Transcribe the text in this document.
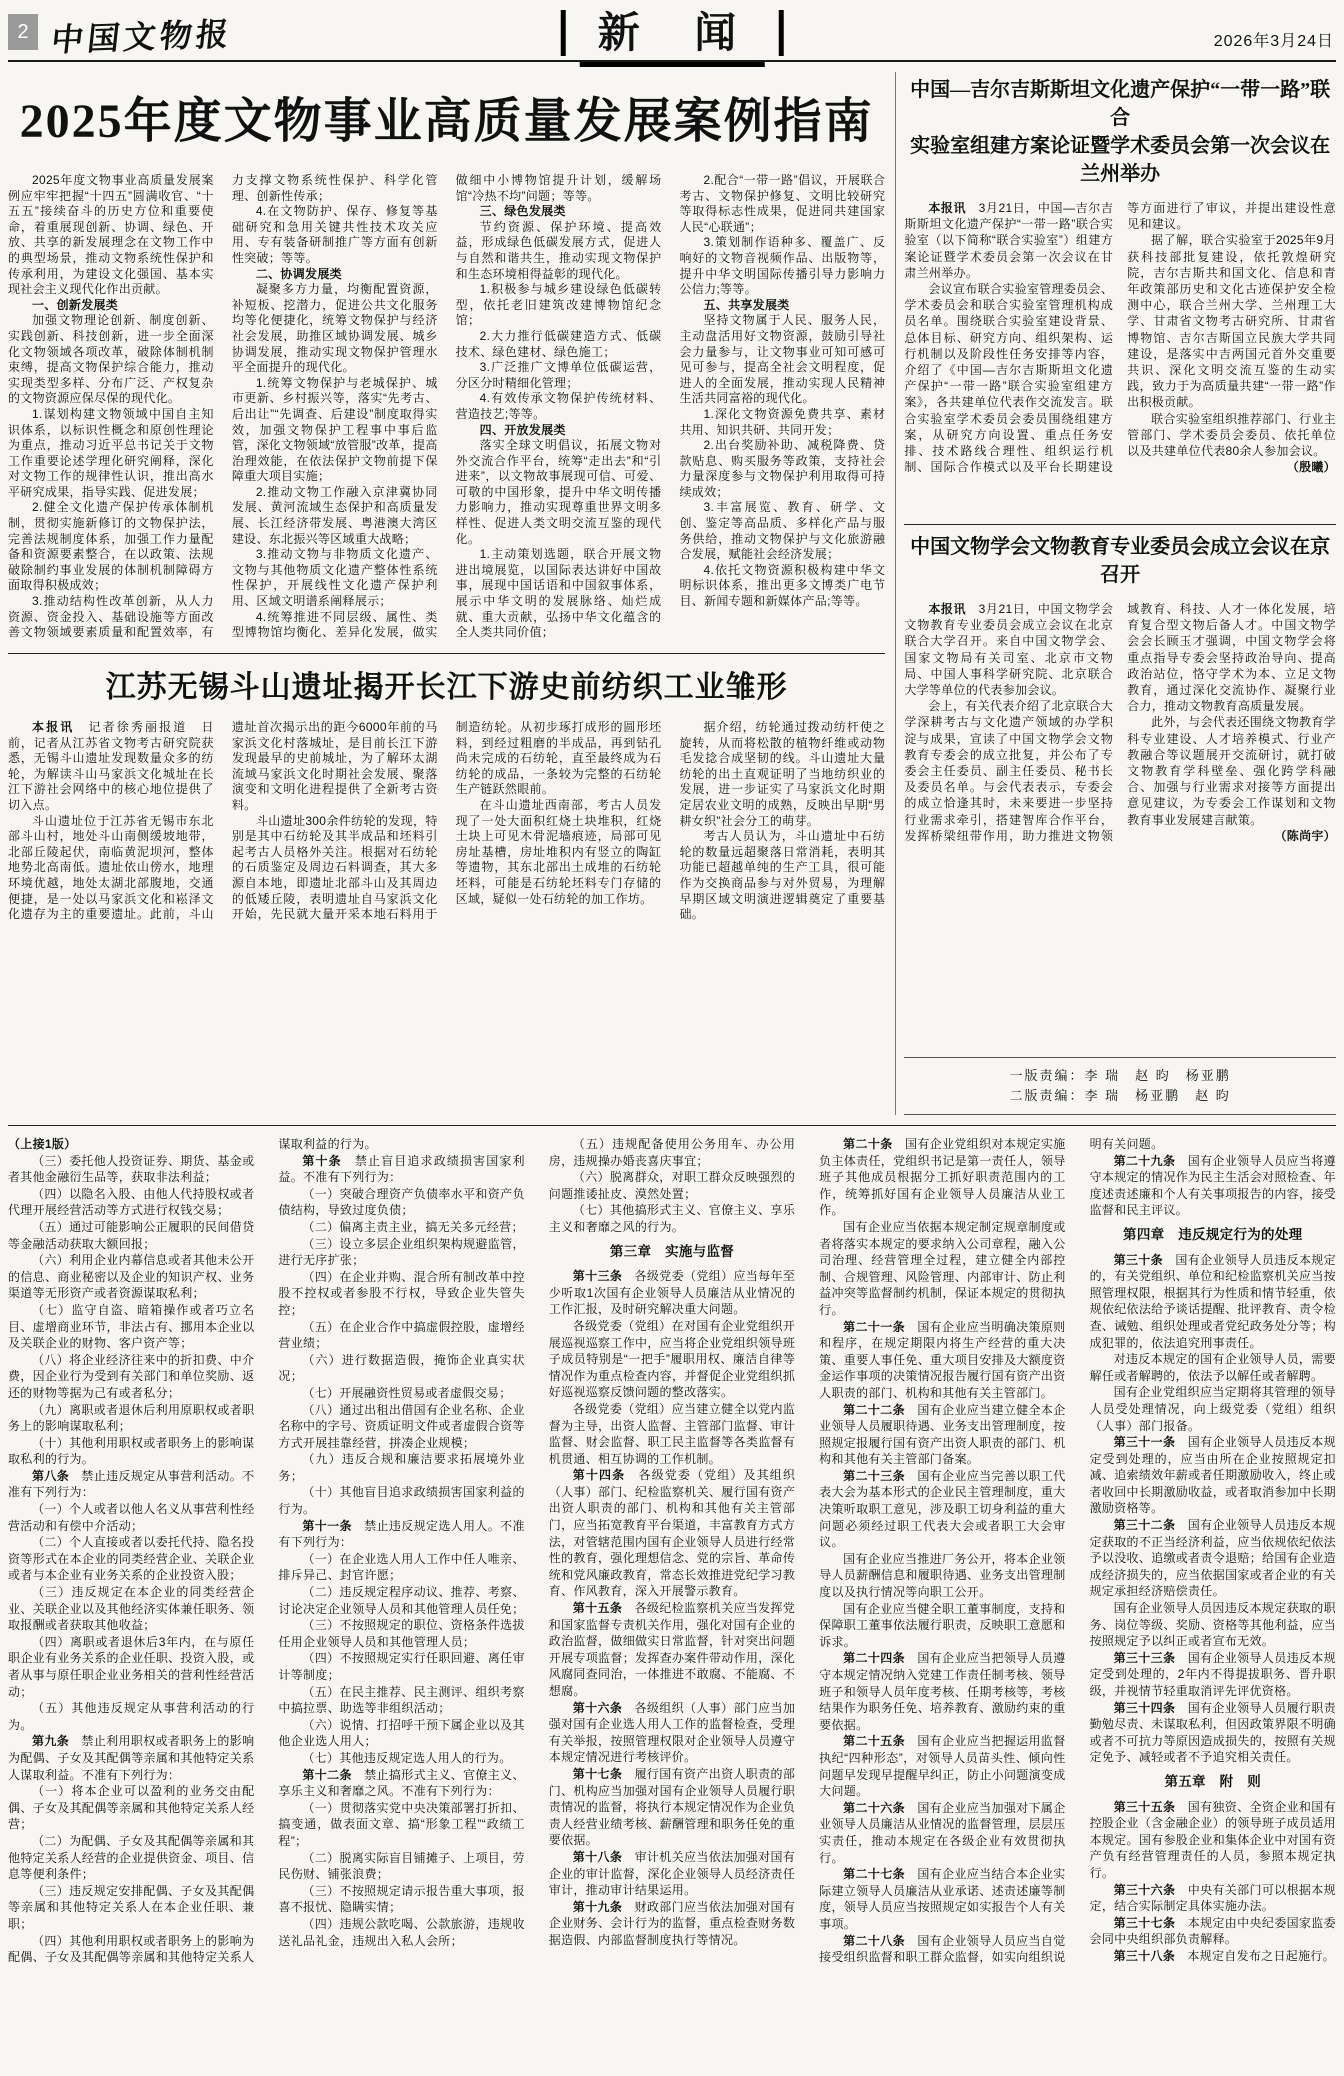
2 中国文物报	新 闻	2026年3月24日
2025年度文物事业高质量发展案例指南

2025年度文物事业高质量发展案例应牢牢把握“十四五”圆满收官、“十五五”接续奋斗的历史方位和重要使命，着重展现创新、协调、绿色、开放、共享的新发展理念在文物工作中的典型场景，推动文物系统性保护和传承利用，为建设文化强国、基本实现社会主义现代化作出贡献。

一、创新发展类

加强文物理论创新、制度创新、实践创新、科技创新，进一步全面深化文物领域各项改革，破除体制机制束缚，提高文物保护综合能力，推动实现类型多样、分布广泛、产权复杂的文物资源应保尽保的现代化。

1.谋划构建文物领域中国自主知识体系，以标识性概念和原创性理论为重点，推动习近平总书记关于文物工作重要论述学理化研究阐释，深化对文物工作的规律性认识，推出高水平研究成果，指导实践、促进发展；

2.健全文化遗产保护传承体制机制，贯彻实施新修订的文物保护法，完善法规制度体系，加强工作力量配备和资源要素整合，在以政策、法规破除制约事业发展的体制机制障碍方面取得积极成效；

3.推动结构性改革创新，从人力资源、资金投入、基础设施等方面改善文物领域要素质量和配置效率，有力支撑文物系统性保护、科学化管理、创新性传承；

4.在文物防护、保存、修复等基础研究和急用关键共性技术攻关应用、专有装备研制推广等方面有创新性突破；等等。

二、协调发展类

凝聚多方力量，均衡配置资源，补短板、挖潜力，促进公共文化服务均等化便捷化，统筹文物保护与经济社会发展，助推区域协调发展、城乡协调发展，推动实现文物保护管理水平全面提升的现代化。

1.统筹文物保护与老城保护、城市更新、乡村振兴等，落实“先考古、后出让”“先调查、后建设”制度取得实效，加强文物保护工程事中事后监管，深化文物领域“放管服”改革，提高治理效能，在依法保护文物前提下保障重大项目实施；

2.推动文物工作融入京津冀协同发展、黄河流域生态保护和高质量发展、长江经济带发展、粤港澳大湾区建设、东北振兴等区域重大战略；

3.推动文物与非物质文化遗产、文物与其他物质文化遗产整体性系统性保护，开展线性文化遗产保护利用、区域文明谱系阐释展示；

4.统筹推进不同层级、属性、类型博物馆均衡化、差异化发展，做实做细中小博物馆提升计划，缓解场馆“冷热不均”问题；等等。

三、绿色发展类

节约资源、保护环境、提高效益，形成绿色低碳发展方式，促进人与自然和谐共生，推动实现文物保护和生态环境相得益彰的现代化。

1.积极参与城乡建设绿色低碳转型，依托老旧建筑改建博物馆纪念馆；

2.大力推行低碳建造方式、低碳技术、绿色建材、绿色施工；

3.广泛推广文博单位低碳运营，分区分时精细化管理；

4.有效传承文物保护传统材料、营造技艺;等等。

四、开放发展类

落实全球文明倡议，拓展文物对外交流合作平台，统筹“走出去”和“引进来”，以文物故事展现可信、可爱、可敬的中国形象，提升中华文明传播力影响力，推动实现尊重世界文明多样性、促进人类文明交流互鉴的现代化。

1.主动策划选题，联合开展文物进出境展览，以国际表达讲好中国故事，展现中国话语和中国叙事体系，展示中华文明的发展脉络、灿烂成就、重大贡献，弘扬中华文化蕴含的全人类共同价值；

2.配合“一带一路”倡议，开展联合考古、文物保护修复、文明比较研究等取得标志性成果，促进同共建国家人民“心联通”；

3.策划制作语种多、覆盖广、反响好的文物音视频作品、出版物等，提升中华文明国际传播引导力影响力公信力;等等。

五、共享发展类

坚持文物属于人民、服务人民，主动盘活用好文物资源，鼓励引导社会力量参与，让文物事业可知可感可见可参与，提高全社会文明程度，促进人的全面发展，推动实现人民精神生活共同富裕的现代化。

1.深化文物资源免费共享、素材共用、知识共研、共同开发；

2.出台奖励补助、减税降费、贷款贴息、购买服务等政策，支持社会力量深度参与文物保护利用取得可持续成效；

3.丰富展览、教育、研学、文创、鉴定等高品质、多样化产品与服务供给，推动文物保护与文化旅游融合发展，赋能社会经济发展；

4.依托文物资源积极构建中华文明标识体系，推出更多文博类广电节目、新闻专题和新媒体产品;等等。

江苏无锡斗山遗址揭开长江下游史前纺织工业雏形

本报讯　记者徐秀丽报道　日前，记者从江苏省文物考古研究院获悉，无锡斗山遗址发现数量众多的纺轮，为解读斗山马家浜文化城址在长江下游社会网络中的核心地位提供了切入点。

斗山遗址位于江苏省无锡市东北部斗山村，地处斗山南侧缓坡地带，北部丘陵起伏，南临黄泥坝河，整体地势北高南低。遗址依山傍水，地理环境优越，地处太湖北部腹地，交通便捷，是一处以马家浜文化和崧泽文化遗存为主的重要遗址。此前，斗山遗址首次揭示出的距今6000年前的马家浜文化村落城址，是目前长江下游发现最早的史前城址，为了解环太湖流域马家浜文化时期社会发展、聚落演变和文明化进程提供了全新考古资料。

斗山遗址300余件纺轮的发现，特别是其中石纺轮及其半成品和坯料引起考古人员格外关注。根据对石纺轮的石质鉴定及周边石料调查，其大多源自本地，即遗址北部斗山及其周边的低矮丘陵，表明遗址自马家浜文化开始，先民就大量开采本地石料用于制造纺轮。从初步琢打成形的圆形坯料，到经过粗磨的半成品，再到钻孔尚未完成的石纺轮，直至最终成为石纺轮的成品，一条较为完整的石纺轮生产链跃然眼前。

在斗山遗址西南部，考古人员发现了一处大面积红烧土块堆积，红烧土块上可见木骨泥墙痕迹，局部可见房址基槽，房址堆积内有竖立的陶缸等遗物，其东北部出土成堆的石纺轮坯料，可能是石纺轮坯料专门存储的区域，疑似一处石纺轮的加工作坊。

据介绍，纺轮通过拨动纺杆使之旋转，从而将松散的植物纤维或动物毛发捻合成坚韧的线。斗山遗址大量纺轮的出土直观证明了当地纺织业的发展，进一步证实了马家浜文化时期定居农业文明的成熟，反映出早期“男耕女织”社会分工的萌芽。

考古人员认为，斗山遗址中石纺轮的数量远超聚落日常消耗，表明其功能已超越单纯的生产工具，很可能作为交换商品参与对外贸易，为理解早期区域文明演进逻辑奠定了重要基础。

中国—吉尔吉斯斯坦文化遗产保护“一带一路”联合
实验室组建方案论证暨学术委员会第一次会议在兰州举办

本报讯　3月21日，中国—吉尔吉斯斯坦文化遗产保护“一带一路”联合实验室（以下简称“联合实验室”）组建方案论证暨学术委员会第一次会议在甘肃兰州举办。

会议宣布联合实验室管理委员会、学术委员会和联合实验室管理机构成员名单。围绕联合实验室建设背景、总体目标、研究方向、组织架构、运行机制以及阶段性任务安排等内容，介绍了《中国—吉尔吉斯斯坦文化遗产保护“一带一路”联合实验室组建方案》，各共建单位代表作交流发言。联合实验室学术委员会委员围绕组建方案，从研究方向设置、重点任务安排、技术路线合理性、组织运行机制、国际合作模式以及平台长期建设等方面进行了审议，并提出建设性意见和建议。

据了解，联合实验室于2025年9月获科技部批复建设，依托敦煌研究院，吉尔吉斯共和国文化、信息和青年政策部历史和文化古迹保护安全检测中心，联合兰州大学、兰州理工大学、甘肃省文物考古研究所、甘肃省博物馆、吉尔吉斯国立民族大学共同建设，是落实中吉两国元首外交重要共识、深化文明交流互鉴的生动实践，致力于为高质量共建“一带一路”作出积极贡献。

联合实验室组织推荐部门、行业主管部门、学术委员会委员、依托单位以及共建单位代表80余人参加会议。

（殷曦）

中国文物学会文物教育专业委员会成立会议在京召开

本报讯　3月21日，中国文物学会文物教育专业委员会成立会议在北京联合大学召开。来自中国文物学会、国家文物局有关司室、北京市文物局、中国人事科学研究院、北京联合大学等单位的代表参加会议。

会上，有关代表介绍了北京联合大学深耕考古与文化遗产领域的办学积淀与成果，宣读了中国文物学会文物教育专委会的成立批复，并公布了专委会主任委员、副主任委员、秘书长及委员名单。与会代表表示，专委会的成立恰逢其时，未来要进一步坚持行业需求牵引，搭建智库合作平台，发挥桥梁纽带作用，助力推进文物领域教育、科技、人才一体化发展，培育复合型文物后备人才。中国文物学会会长顾玉才强调，中国文物学会将重点指导专委会坚持政治导向、提高政治站位，恪守学术为本、立足文物教育，通过深化交流协作、凝聚行业合力，推动文物教育高质量发展。

此外，与会代表还围绕文物教育学科专业建设、人才培养模式、行业产教融合等议题展开交流研讨，就打破文物教育学科壁垒、强化跨学科融合、加强与行业需求对接等方面提出意见建议，为专委会工作谋划和文物教育事业发展建言献策。

（陈尚宇）

一版责编：李 瑞　赵 昀　杨亚鹏
二版责编：李 瑞　杨亚鹏　赵 昀

（上接1版）

（三）委托他人投资证券、期货、基金或者其他金融衍生品等，获取非法利益；

（四）以隐名入股、由他人代持股权或者代理开展经营活动等方式进行权钱交易；

（五）通过可能影响公正履职的民间借贷等金融活动获取大额回报；

（六）利用企业内幕信息或者其他未公开的信息、商业秘密以及企业的知识产权、业务渠道等无形资产或者资源谋取私利；

（七）监守自盗、暗箱操作或者巧立名目、虚增商业环节，非法占有、挪用本企业以及关联企业的财物、客户资产等；

（八）将企业经济往来中的折扣费、中介费，因企业行为受到有关部门和单位奖励、返还的财物等据为己有或者私分；

（九）离职或者退休后利用原职权或者职务上的影响谋取私利；

（十）其他利用职权或者职务上的影响谋取私利的行为。

第八条　禁止违反规定从事营利活动。不准有下列行为：

（一）个人或者以他人名义从事营利性经营活动和有偿中介活动；

（二）个人直接或者以委托代持、隐名投资等形式在本企业的同类经营企业、关联企业或者与本企业有业务关系的企业投资入股；

（三）违反规定在本企业的同类经营企业、关联企业以及其他经济实体兼任职务、领取报酬或者获取其他收益；

（四）离职或者退休后3年内，在与原任职企业有业务关系的企业任职、投资入股，或者从事与原任职企业业务相关的营利性经营活动；

（五）其他违反规定从事营利活动的行为。

第九条　禁止利用职权或者职务上的影响为配偶、子女及其配偶等亲属和其他特定关系人谋取利益。不准有下列行为：

（一）将本企业可以盈利的业务交由配偶、子女及其配偶等亲属和其他特定关系人经营；

（二）为配偶、子女及其配偶等亲属和其他特定关系人经营的企业提供资金、项目、信息等便利条件；

（三）违反规定安排配偶、子女及其配偶等亲属和其他特定关系人在本企业任职、兼职；

（四）其他利用职权或者职务上的影响为配偶、子女及其配偶等亲属和其他特定关系人谋取利益的行为。

第十条　禁止盲目追求政绩损害国家利益。不准有下列行为：

（一）突破合理资产负债率水平和资产负债结构，导致过度负债；

（二）偏离主责主业，搞无关多元经营；

（三）设立多层企业组织架构规避监管，进行无序扩张；

（四）在企业并购、混合所有制改革中控股不控权或者参股不行权，导致企业失管失控；

（五）在企业合作中搞虚假控股，虚增经营业绩；

（六）进行数据造假，掩饰企业真实状况；

（七）开展融资性贸易或者虚假交易；

（八）通过出租出借国有企业名称、企业名称中的字号、资质证明文件或者虚假合资等方式开展挂靠经营，拼凑企业规模；

（九）违反合规和廉洁要求拓展境外业务；

（十）其他盲目追求政绩损害国家利益的行为。

第十一条　禁止违反规定选人用人。不准有下列行为：

（一）在企业选人用人工作中任人唯亲、排斥异己、封官许愿；

（二）违反规定程序动议、推荐、考察、讨论决定企业领导人员和其他管理人员任免；

（三）不按照规定的职位、资格条件选拔任用企业领导人员和其他管理人员；

（四）不按照规定实行任职回避、离任审计等制度；

（五）在民主推荐、民主测评、组织考察中搞拉票、助选等非组织活动；

（六）说情、打招呼干预下属企业以及其他企业选人用人；

（七）其他违反规定选人用人的行为。

第十二条　禁止搞形式主义、官僚主义、享乐主义和奢靡之风。不准有下列行为：

（一）贯彻落实党中央决策部署打折扣、搞变通，做表面文章、搞“形象工程”“政绩工程”；

（二）脱离实际盲目铺摊子、上项目，劳民伤财、铺张浪费；

（三）不按照规定请示报告重大事项，报喜不报忧、隐瞒实情；

（四）违规公款吃喝、公款旅游，违规收送礼品礼金，违规出入私人会所；

（五）违规配备使用公务用车、办公用房，违规操办婚丧喜庆事宜；

（六）脱离群众，对职工群众反映强烈的问题推诿扯皮、漠然处置；

（七）其他搞形式主义、官僚主义、享乐主义和奢靡之风的行为。

第三章　实施与监督

第十三条　各级党委（党组）应当每年至少听取1次国有企业领导人员廉洁从业情况的工作汇报，及时研究解决重大问题。

各级党委（党组）在对国有企业党组织开展巡视巡察工作中，应当将企业党组织领导班子成员特别是“一把手”履职用权、廉洁自律等情况作为重点检查内容，并督促企业党组织抓好巡视巡察反馈问题的整改落实。

各级党委（党组）应当建立健全以党内监督为主导，出资人监督、主管部门监督、审计监督、财会监督、职工民主监督等各类监督有机贯通、相互协调的工作机制。

第十四条　各级党委（党组）及其组织（人事）部门、纪检监察机关、履行国有资产出资人职责的部门、机构和其他有关主管部门，应当拓宽教育平台渠道，丰富教育方式方法，对管辖范围内国有企业领导人员进行经常性的教育，强化理想信念、党的宗旨、革命传统和党风廉政教育，常态长效推进党纪学习教育、作风教育，深入开展警示教育。

第十五条　各级纪检监察机关应当发挥党和国家监督专责机关作用，强化对国有企业的政治监督，做细做实日常监督，针对突出问题开展专项监督；发挥查办案件带动作用，深化风腐同查同治，一体推进不敢腐、不能腐、不想腐。

第十六条　各级组织（人事）部门应当加强对国有企业选人用人工作的监督检查，受理有关举报，按照管理权限对企业领导人员遵守本规定情况进行考核评价。

第十七条　履行国有资产出资人职责的部门、机构应当加强对国有企业领导人员履行职责情况的监督，将执行本规定情况作为企业负责人经营业绩考核、薪酬管理和职务任免的重要依据。

第十八条　审计机关应当依法加强对国有企业的审计监督，深化企业领导人员经济责任审计，推动审计结果运用。

第十九条　财政部门应当依法加强对国有企业财务、会计行为的监督，重点检查财务数据造假、内部监督制度执行等情况。

第二十条　国有企业党组织对本规定实施负主体责任，党组织书记是第一责任人，领导班子其他成员根据分工抓好职责范围内的工作，统筹抓好国有企业领导人员廉洁从业工作。

国有企业应当依据本规定制定规章制度或者将落实本规定的要求纳入公司章程，融入公司治理、经营管理全过程，建立健全内部控制、合规管理、风险管理、内部审计、防止利益冲突等监督制约机制，保证本规定的贯彻执行。

第二十一条　国有企业应当明确决策原则和程序，在规定期限内将生产经营的重大决策、重要人事任免、重大项目安排及大额度资金运作事项的决策情况报告履行国有资产出资人职责的部门、机构和其他有关主管部门。

第二十二条　国有企业应当建立健全本企业领导人员履职待遇、业务支出管理制度，按照规定报履行国有资产出资人职责的部门、机构和其他有关主管部门备案。

第二十三条　国有企业应当完善以职工代表大会为基本形式的企业民主管理制度，重大决策听取职工意见，涉及职工切身利益的重大问题必须经过职工代表大会或者职工大会审议。

国有企业应当推进厂务公开，将本企业领导人员薪酬信息和履职待遇、业务支出管理制度以及执行情况等向职工公开。

国有企业应当健全职工董事制度，支持和保障职工董事依法履行职责，反映职工意愿和诉求。

第二十四条　国有企业应当把领导人员遵守本规定情况纳入党建工作责任制考核、领导班子和领导人员年度考核、任期考核等，考核结果作为职务任免、培养教育、激励约束的重要依据。

第二十五条　国有企业应当把握运用监督执纪“四种形态”，对领导人员苗头性、倾向性问题早发现早提醒早纠正，防止小问题演变成大问题。

第二十六条　国有企业应当加强对下属企业领导人员廉洁从业情况的监督管理，层层压实责任，推动本规定在各级企业有效贯彻执行。

第二十七条　国有企业应当结合本企业实际建立领导人员廉洁从业承诺、述责述廉等制度，领导人员应当按照规定如实报告个人有关事项。

第二十八条　国有企业领导人员应当自觉接受组织监督和职工群众监督，如实向组织说明有关问题。

第二十九条　国有企业领导人员应当将遵守本规定的情况作为民主生活会对照检查、年度述责述廉和个人有关事项报告的内容，接受监督和民主评议。

第四章　违反规定行为的处理

第三十条　国有企业领导人员违反本规定的，有关党组织、单位和纪检监察机关应当按照管理权限，根据其行为性质和情节轻重，依规依纪依法给予谈话提醒、批评教育、责令检查、诫勉、组织处理或者党纪政务处分等；构成犯罪的，依法追究刑事责任。

对违反本规定的国有企业领导人员，需要解任或者解聘的，依法予以解任或者解聘。

国有企业党组织应当定期将其管理的领导人员受处理情况，向上级党委（党组）组织（人事）部门报备。

第三十一条　国有企业领导人员违反本规定受到处理的，应当由所在企业按照规定扣减、追索绩效年薪或者任期激励收入，终止或者收回中长期激励收益，或者取消参加中长期激励资格等。

第三十二条　国有企业领导人员违反本规定获取的不正当经济利益，应当依规依纪依法予以没收、追缴或者责令退赔；给国有企业造成经济损失的，应当依据国家或者企业的有关规定承担经济赔偿责任。

国有企业领导人员因违反本规定获取的职务、岗位等级、奖励、资格等其他利益，应当按照规定予以纠正或者宣布无效。

第三十三条　国有企业领导人员违反本规定受到处理的，2年内不得提拔职务、晋升职级，并视情节轻重取消评先评优资格。

第三十四条　国有企业领导人员履行职责勤勉尽责、未谋取私利，但因政策界限不明确或者不可抗力等原因造成损失的，按照有关规定免予、减轻或者不予追究相关责任。

第五章　附　则

第三十五条　国有独资、全资企业和国有控股企业（含金融企业）的领导班子成员适用本规定。国有参股企业和集体企业中对国有资产负有经营管理责任的人员，参照本规定执行。

第三十六条　中央有关部门可以根据本规定，结合实际制定具体实施办法。

第三十七条　本规定由中央纪委国家监委会同中央组织部负责解释。

第三十八条　本规定自发布之日起施行。
